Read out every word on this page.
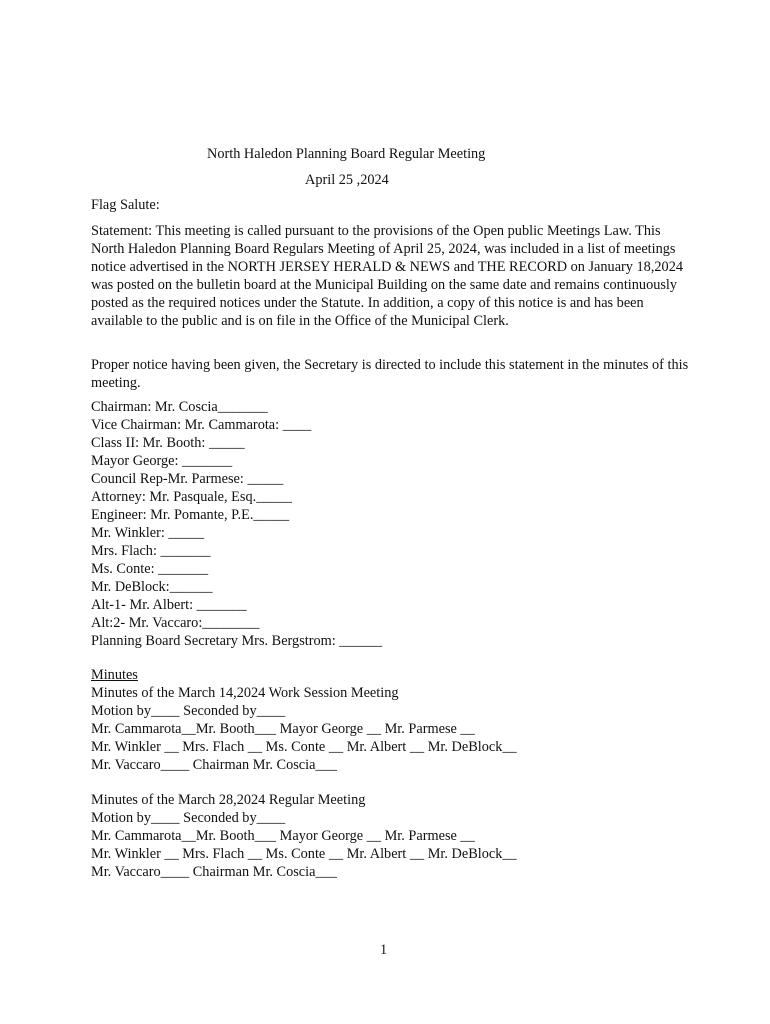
North Haledon Planning Board Regular Meeting
April 25 ,2024
Flag Salute:
Statement: This meeting is called pursuant to the provisions of the Open public Meetings Law. This North Haledon Planning Board Regulars Meeting of April 25, 2024, was included in a list of meetings notice advertised in the NORTH JERSEY HERALD & NEWS and THE RECORD on January 18,2024 was posted on the bulletin board at the Municipal Building on the same date and remains continuously posted as the required notices under the Statute. In addition, a copy of this notice is and has been available to the public and is on file in the Office of the Municipal Clerk.
Proper notice having been given, the Secretary is directed to include this statement in the minutes of this meeting.
Chairman: Mr. Coscia_______
Vice Chairman: Mr. Cammarota: ____
Class II: Mr. Booth: _____
Mayor George: _______
Council Rep-Mr. Parmese: _____
Attorney: Mr. Pasquale, Esq._____
Engineer: Mr. Pomante, P.E._____
Mr. Winkler: _____
Mrs. Flach: _______
Ms. Conte: _______
Mr. DeBlock:______
Alt-1- Mr. Albert: _______
Alt:2- Mr. Vaccaro:________
Planning Board Secretary Mrs. Bergstrom: ______
Minutes
Minutes of the March 14,2024 Work Session Meeting
Motion by____ Seconded by____
Mr. Cammarota__Mr. Booth___ Mayor George __ Mr. Parmese __
Mr. Winkler __ Mrs. Flach __ Ms. Conte __ Mr. Albert __ Mr. DeBlock__
Mr. Vaccaro____ Chairman Mr. Coscia___
Minutes of the March 28,2024 Regular Meeting
Motion by____ Seconded by____
Mr. Cammarota__Mr. Booth___ Mayor George __ Mr. Parmese __
Mr. Winkler __ Mrs. Flach __ Ms. Conte __ Mr. Albert __ Mr. DeBlock__
Mr. Vaccaro____ Chairman Mr. Coscia___
1
